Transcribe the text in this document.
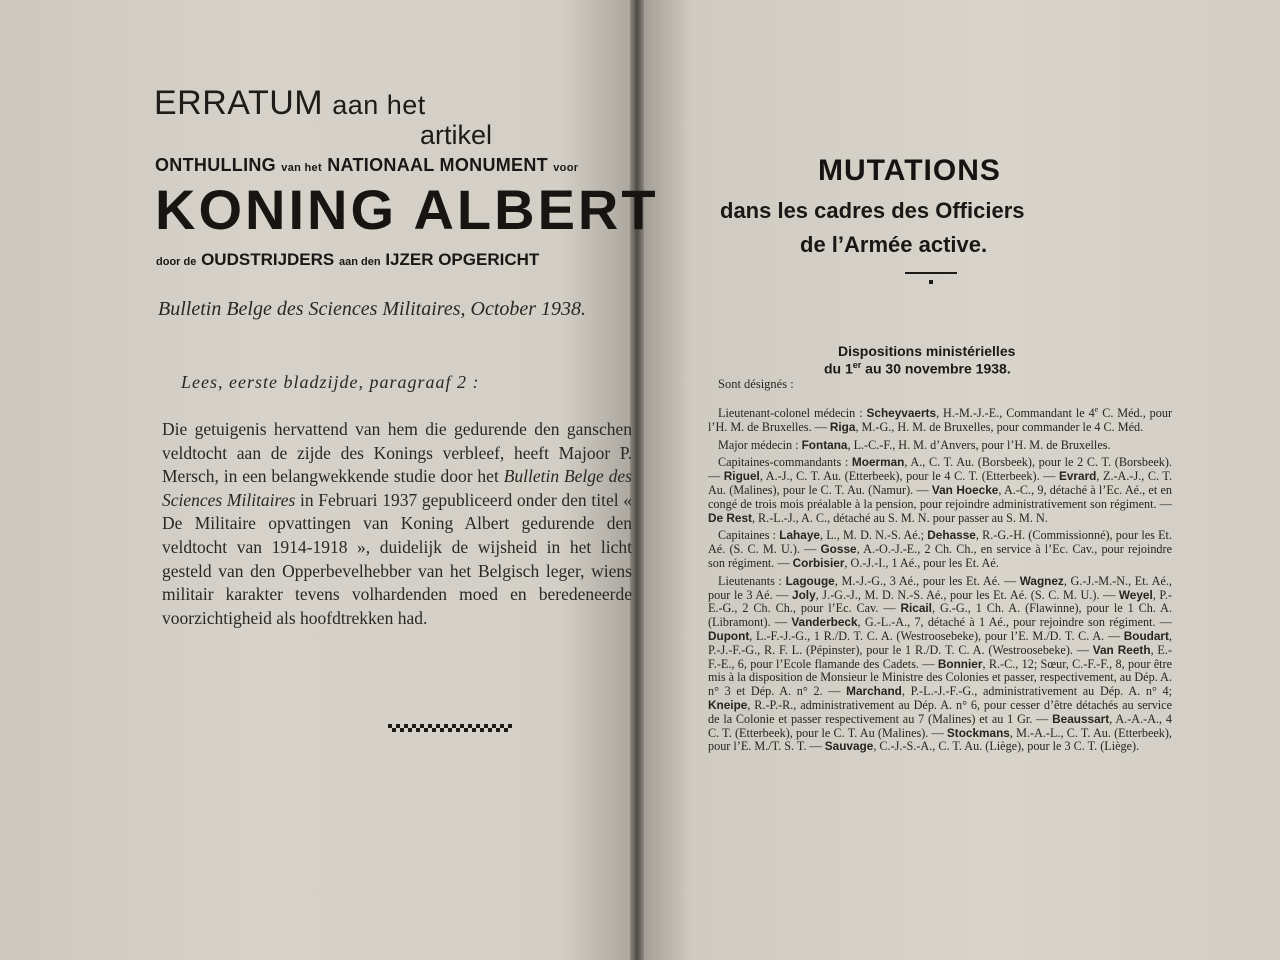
ERRATUM aan het
artikel
ONTHULLING van het NATIONAAL MONUMENT voor
KONING ALBERT
door de OUDSTRIJDERS aan den IJZER OPGERICHT
Bulletin Belge des Sciences Militaires, October 1938.
Lees, eerste bladzijde, paragraaf 2 :
Die getuigenis hervattend van hem die gedurende den ganschen veldtocht aan de zijde des Konings verbleef, heeft Majoor P. Mersch, in een belangwekkende studie door het Bulletin Belge des Sciences Militaires in Februari 1937 gepubliceerd onder den titel « De Militaire opvattingen van Koning Albert gedurende den veldtocht van 1914-1918 », duidelijk de wijsheid in het licht gesteld van den Opperbevelhebber van het Belgisch leger, wiens militair karakter tevens volhardenden moed en beredeneerde voorzichtigheid als hoofdtrekken had.
MUTATIONS
dans les cadres des Officiers
de l’Armée active.
Dispositions ministérielles
du 1er au 30 novembre 1938.
Sont désignés :

Lieutenant-colonel médecin : Scheyvaerts, H.-M.-J.-E., Commandant le 4e C. Méd., pour l’H. M. de Bruxelles. — Riga, M.-G., H. M. de Bruxelles, pour commander le 4 C. Méd.

Major médecin : Fontana, L.-C.-F., H. M. d’Anvers, pour l’H. M. de Bruxelles.

Capitaines-commandants : Moerman, A., C. T. Au. (Borsbeek), pour le 2 C. T. (Borsbeek). — Riguel, A.-J., C. T. Au. (Etterbeek), pour le 4 C. T. (Etterbeek). — Evrard, Z.-A.-J., C. T. Au. (Malines), pour le C. T. Au. (Namur). — Van Hoecke, A.-C., 9, détaché à l’Ec. Aé., et en congé de trois mois préalable à la pension, pour rejoindre administrativement son régiment. — De Rest, R.-L.-J., A. C., détaché au S. M. N. pour passer au S. M. N.

Capitaines : Lahaye, L., M. D. N.-S. Aé.; Dehasse, R.-G.-H. (Commissionné), pour les Et. Aé. (S. C. M. U.). — Gosse, A.-O.-J.-E., 2 Ch. Ch., en service à l’Ec. Cav., pour rejoindre son régiment. — Corbisier, O.-J.-I., 1 Aé., pour les Et. Aé.

Lieutenants : Lagouge, M.-J.-G., 3 Aé., pour les Et. Aé. — Wagnez, G.-J.-M.-N., Et. Aé., pour le 3 Aé. — Joly, J.-G.-J., M. D. N.-S. Aé., pour les Et. Aé. (S. C. M. U.). — Weyel, P.-E.-G., 2 Ch. Ch., pour l’Ec. Cav. — Ricail, G.-G., 1 Ch. A. (Flawinne), pour le 1 Ch. A. (Libramont). — Vanderbeck, G.-L.-A., 7, détaché à 1 Aé., pour rejoindre son régiment. — Dupont, L.-F.-J.-G., 1 R./D. T. C. A. (Westroosebeke), pour l’E. M./D. T. C. A. — Boudart, P.-J.-F.-G., R. F. L. (Pépinster), pour le 1 R./D. T. C. A. (Westroosebeke). — Van Reeth, E.-F.-E., 6, pour l’Ecole flamande des Cadets. — Bonnier, R.-C., 12; Sœur, C.-F.-F., 8, pour être mis à la disposition de Monsieur le Ministre des Colonies et passer, respectivement, au Dép. A. n° 3 et Dép. A. n° 2. — Marchand, P.-L.-J.-F.-G., administrativement au Dép. A. n° 4; Kneipe, R.-P.-R., administrativement au Dép. A. n° 6, pour cesser d’être détachés au service de la Colonie et passer respectivement au 7 (Malines) et au 1 Gr. — Beaussart, A.-A.-A., 4 C. T. (Etterbeek), pour le C. T. Au (Malines). — Stockmans, M.-A.-L., C. T. Au. (Etterbeek), pour l’E. M./T. S. T. — Sauvage, C.-J.-S.-A., C. T. Au. (Liège), pour le 3 C. T. (Liège).
